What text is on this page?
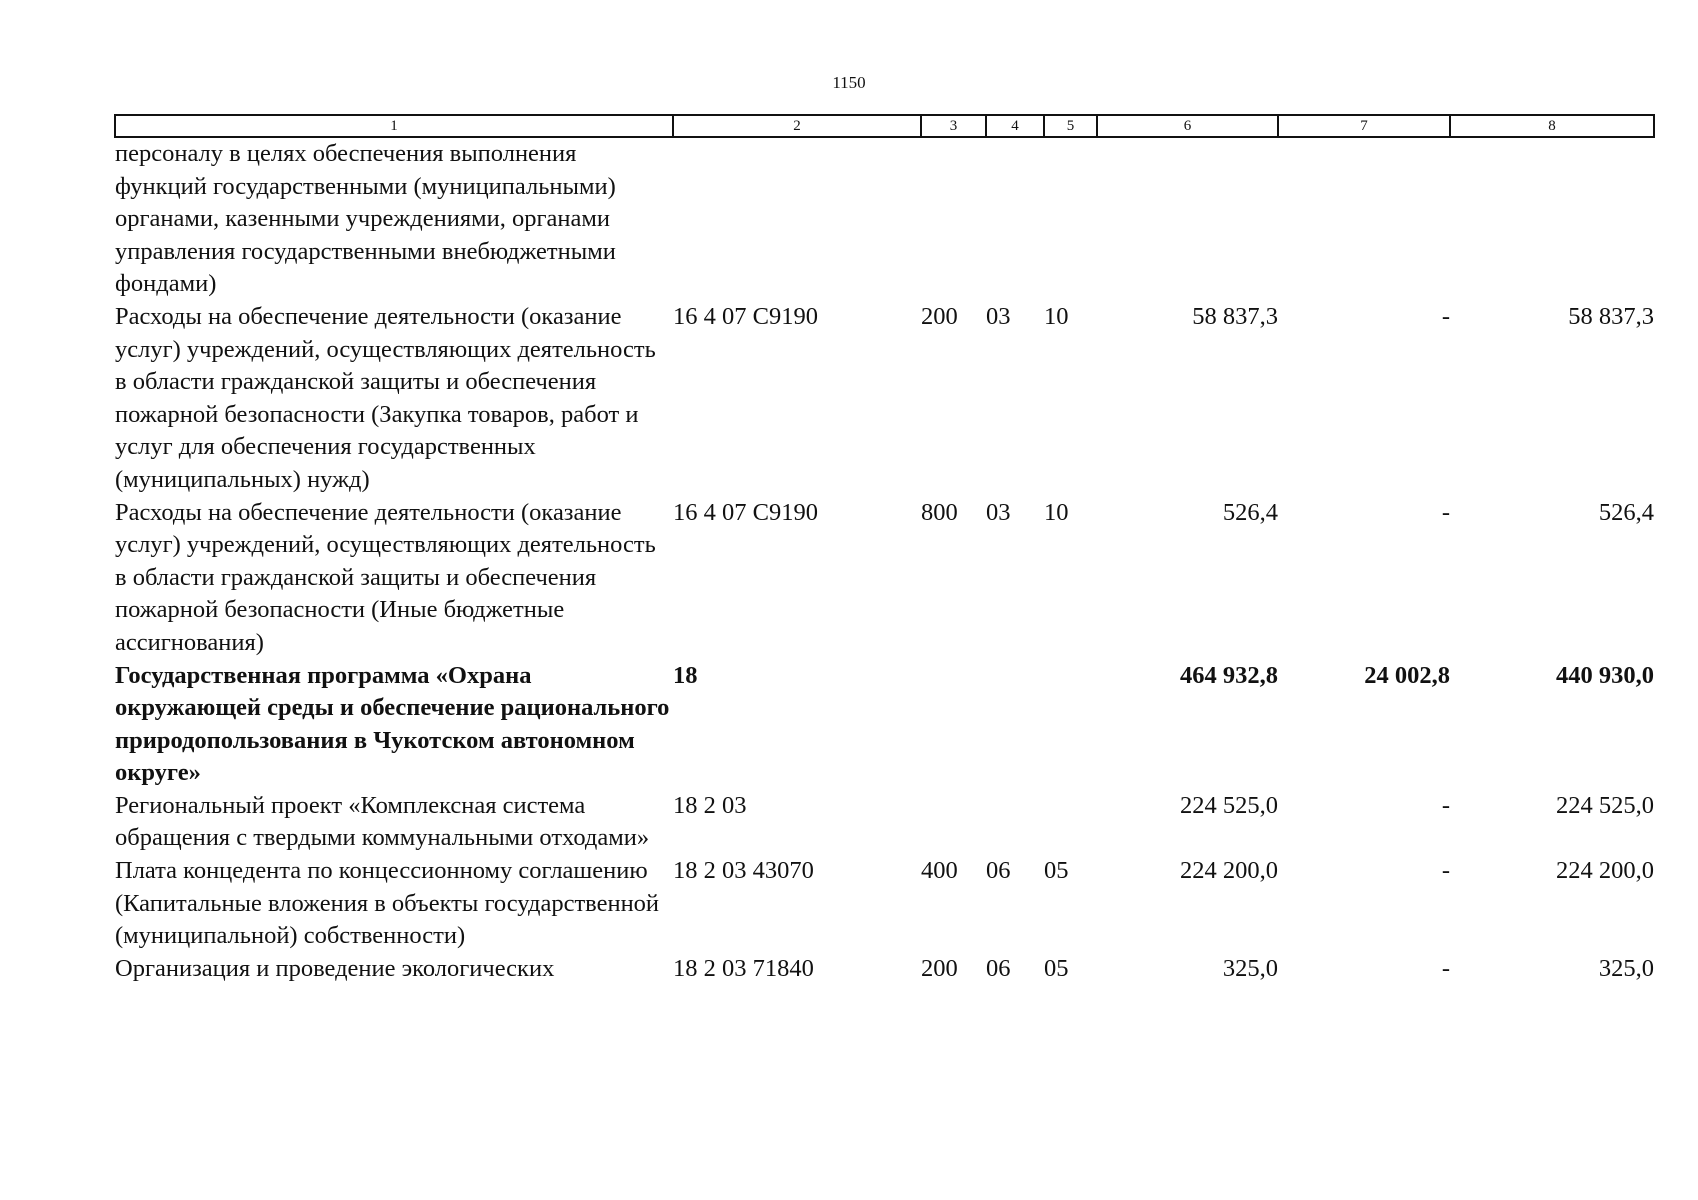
1150
1	2	3	4	5	6	7	8
персоналу в целях обеспечения выполнения функций государственными (муниципальными) органами, казенными учреждениями, органами управления государственными внебюджетными фондами)							
Расходы на обеспечение деятельности (оказание услуг) учреждений, осуществляющих деятельность в области гражданской защиты и обеспечения пожарной безопасности (Закупка товаров, работ и услуг для обеспечения государственных (муниципальных) нужд)	16 4 07 С9190	200	03	10	58 837,3	-	58 837,3
Расходы на обеспечение деятельности (оказание услуг) учреждений, осуществляющих деятельность в области гражданской защиты и обеспечения пожарной безопасности (Иные бюджетные ассигнования)	16 4 07 С9190	800	03	10	526,4	-	526,4
Государственная программа «Охрана окружающей среды и обеспечение рационального природопользования в Чукотском автономном округе»	18				464 932,8	24 002,8	440 930,0
Региональный проект «Комплексная система обращения с твердыми коммунальными отходами»	18 2 03				224 525,0	-	224 525,0
Плата концедента по концессионному соглашению (Капитальные вложения в объекты государственной (муниципальной) собственности)	18 2 03 43070	400	06	05	224 200,0	-	224 200,0
Организация и проведение экологических	18 2 03 71840	200	06	05	325,0	-	325,0
